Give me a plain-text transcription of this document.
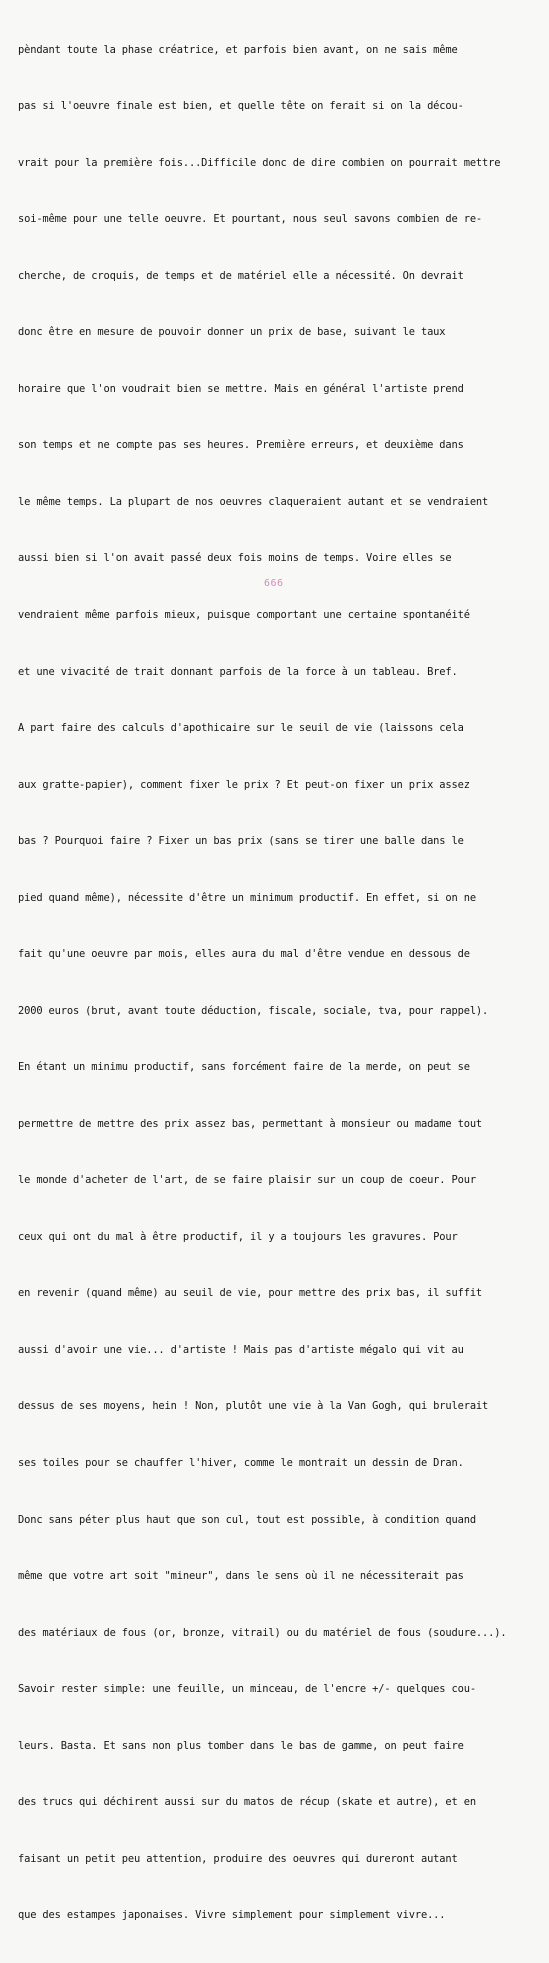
pèndant toute la phase créatrice, et parfois bien avant, on ne sais même

pas si l'oeuvre finale est bien, et quelle tête on ferait si on la décou-

vrait pour la première fois...Difficile donc de dire combien on pourrait mettre

soi-même pour une telle oeuvre. Et pourtant, nous seul savons combien de re-

cherche, de croquis, de temps et de matériel elle a nécessité. On devrait

donc être en mesure de pouvoir donner un prix de base, suivant le taux

horaire que l'on voudrait bien se mettre. Mais en général l'artiste prend

son temps et ne compte pas ses heures. Première erreurs, et deuxième dans

le même temps. La plupart de nos oeuvres claqueraient autant et se vendraient

aussi bien si l'on avait passé deux fois moins de temps. Voire elles se

vendraient même parfois mieux, puisque comportant une certaine spontanéité

et une vivacité de trait donnant parfois de la force à un tableau. Bref.

A part faire des calculs d'apothicaire sur le seuil de vie (laissons cela

aux gratte-papier), comment fixer le prix ? Et peut-on fixer un prix assez

bas ? Pourquoi faire ? Fixer un bas prix (sans se tirer une balle dans le

pied quand même), nécessite d'être un minimum productif. En effet, si on ne

fait qu'une oeuvre par mois, elles aura du mal d'être vendue en dessous de

2000 euros (brut, avant toute déduction, fiscale, sociale, tva, pour rappel).

En étant un minimu productif, sans forcément faire de la merde, on peut se

permettre de mettre des prix assez bas, permettant à monsieur ou madame tout

le monde d'acheter de l'art, de se faire plaisir sur un coup de coeur. Pour

ceux qui ont du mal à être productif, il y a toujours les gravures. Pour

en revenir (quand même) au seuil de vie, pour mettre des prix bas, il suffit

aussi d'avoir une vie... d'artiste ! Mais pas d'artiste mégalo qui vit au

dessus de ses moyens, hein ! Non, plutôt une vie à la Van Gogh, qui brulerait

ses toiles pour se chauffer l'hiver, comme le montrait un dessin de Dran.

Donc sans péter plus haut que son cul, tout est possible, à condition quand

même que votre art soit "mineur", dans le sens où il ne nécessiterait pas

des matériaux de fous (or, bronze, vitrail) ou du matériel de fous (soudure...).

Savoir rester simple: une feuille, un minceau, de l'encre +/- quelques cou-

leurs. Basta. Et sans non plus tomber dans le bas de gamme, on peut faire

des trucs qui déchirent aussi sur du matos de récup (skate et autre), et en

faisant un petit peu attention, produire des oeuvres qui dureront autant

que des estampes japonaises. Vivre simplement pour simplement vivre...

666
